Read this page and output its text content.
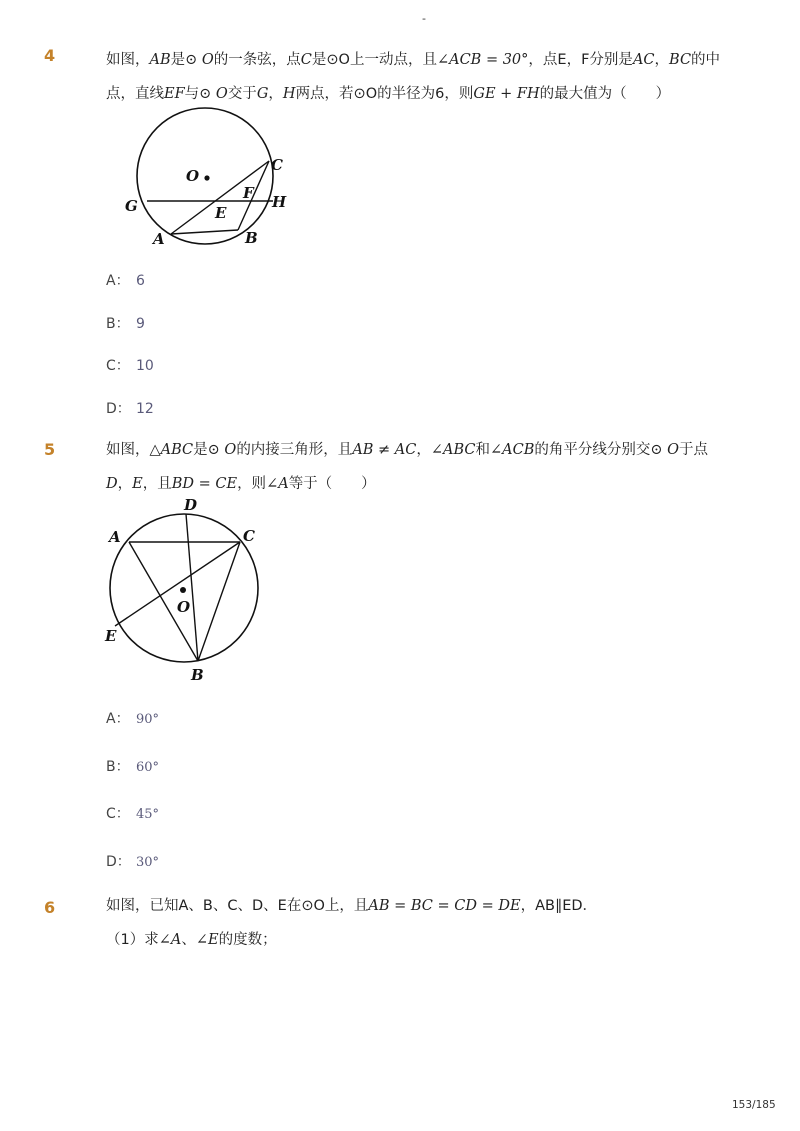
-
4	如图，AB是⊙ O的一条弦，点C是⊙O上一动点，且∠ACB = 30°，点E，F分别是AC，BC的中点，直线EF与⊙ O交于G，H两点，若⊙O的半径为6，则GE + FH的最大值为（　　）
O
C
F
G	E
H
A	B
A： 6
B： 9
C： 10
D： 12
5	如图，△ABC是⊙ O的内接三角形，且AB ≠ AC，∠ABC和∠ACB的角平分线分别交⊙ O于点D，E，且BD = CE，则∠A等于（　　）
D
A	C
O
E
B
A： 90°
B： 60°
C： 45°
D： 30°
6	如图，已知A、B、C、D、E在⊙O上，且AB = BC = CD = DE，AB∥ED．
（1）求∠A、∠E的度数；
153/185
